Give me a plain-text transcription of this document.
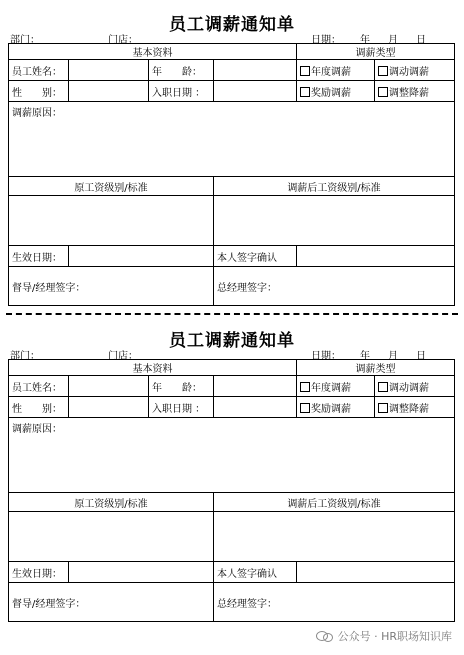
员工调薪通知单
部门：	门店：	日期： 年 月 日
基本资料				调薪类型	
员工姓名：		年　　龄：		年度调薪	调动调薪
性　　别：		入职日期 ：		奖励调薪	调整降薪
调薪原因：					
原工资级别/标准			调薪后工资级别/标准		

生效日期：			本人签字确认		
督导/经理签字：			总经理签字：		
员工调薪通知单
部门：	门店：	日期： 年 月 日
基本资料				调薪类型	
员工姓名：		年　　龄：		年度调薪	调动调薪
性　　别：		入职日期 ：		奖励调薪	调整降薪
调薪原因：					
原工资级别/标准			调薪后工资级别/标准		

生效日期：			本人签字确认		
督导/经理签字：			总经理签字：		
公众号 · HR职场知识库
